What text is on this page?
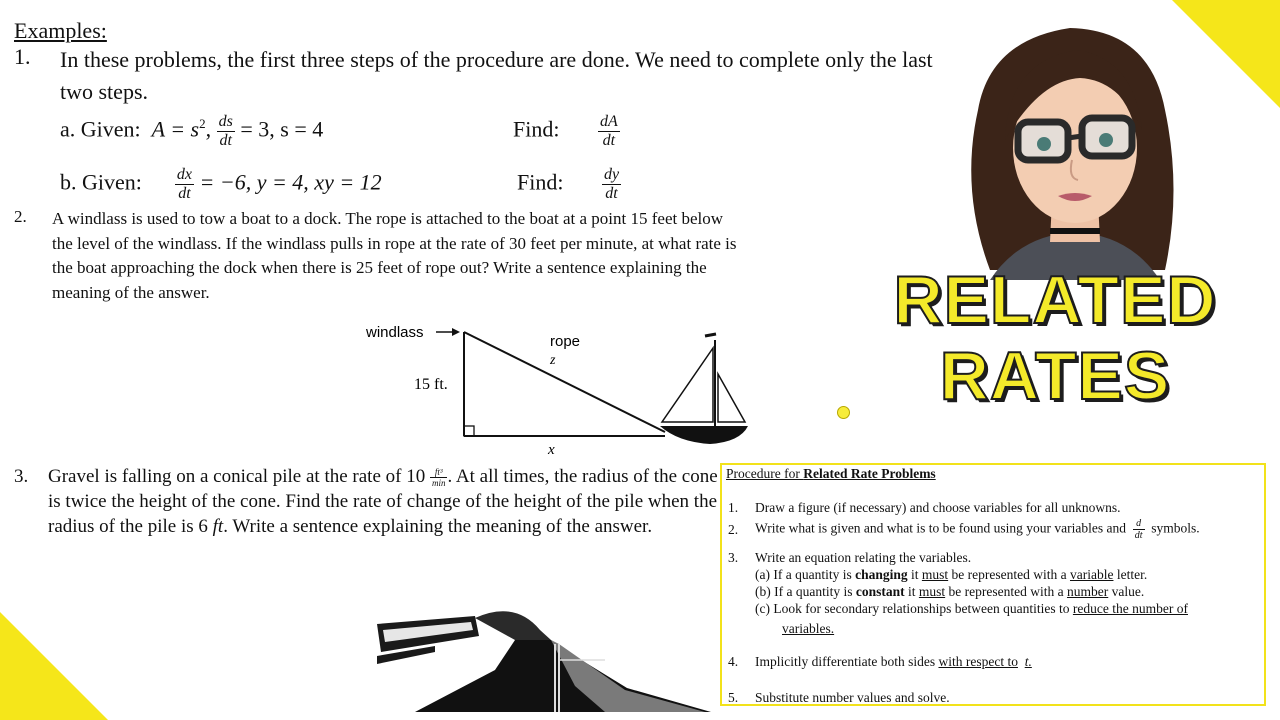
Examples:
1. In these problems, the first three steps of the procedure are done. We need to complete only the last two steps.
a. Given: $A = s^2$, $\frac{ds}{dt} = 3$, s = 4	Find: $\frac{dA}{dt}$
b. Given: $\frac{dx}{dt} = -6$, y = 4, xy = 12	Find: $\frac{dy}{dt}$
2. A windlass is used to tow a boat to a dock. The rope is attached to the boat at a point 15 feet below the level of the windlass. If the windlass pulls in rope at the rate of 30 feet per minute, at what rate is the boat approaching the dock when there is 25 feet of rope out? Write a sentence explaining the meaning of the answer.
windlass
rope
z
15 ft.
x
3. Gravel is falling on a conical pile at the rate of $10 \frac{\text{ft³}}{\min}$ . At all times, the radius of the cone is twice the height of the cone. Find the rate of change of the height of the pile when the radius of the pile is 6 ft. Write a sentence explaining the meaning of the answer.
Procedure for Related Rate Problems
1. Draw a figure (if necessary) and choose variables for all unknowns.
2. Write what is given and what is to be found using your variables and $\frac{d}{dt}$ symbols.
3. Write an equation relating the variables.
(a) If a quantity is changing it must be represented with a variable letter.
(b) If a quantity is constant it must be represented with a number value.
(c) Look for secondary relationships between quantities to reduce the number of
variables.
4. Implicitly differentiate both sides with respect to t.
5. Substitute number values and solve.
RELATED
RATES
